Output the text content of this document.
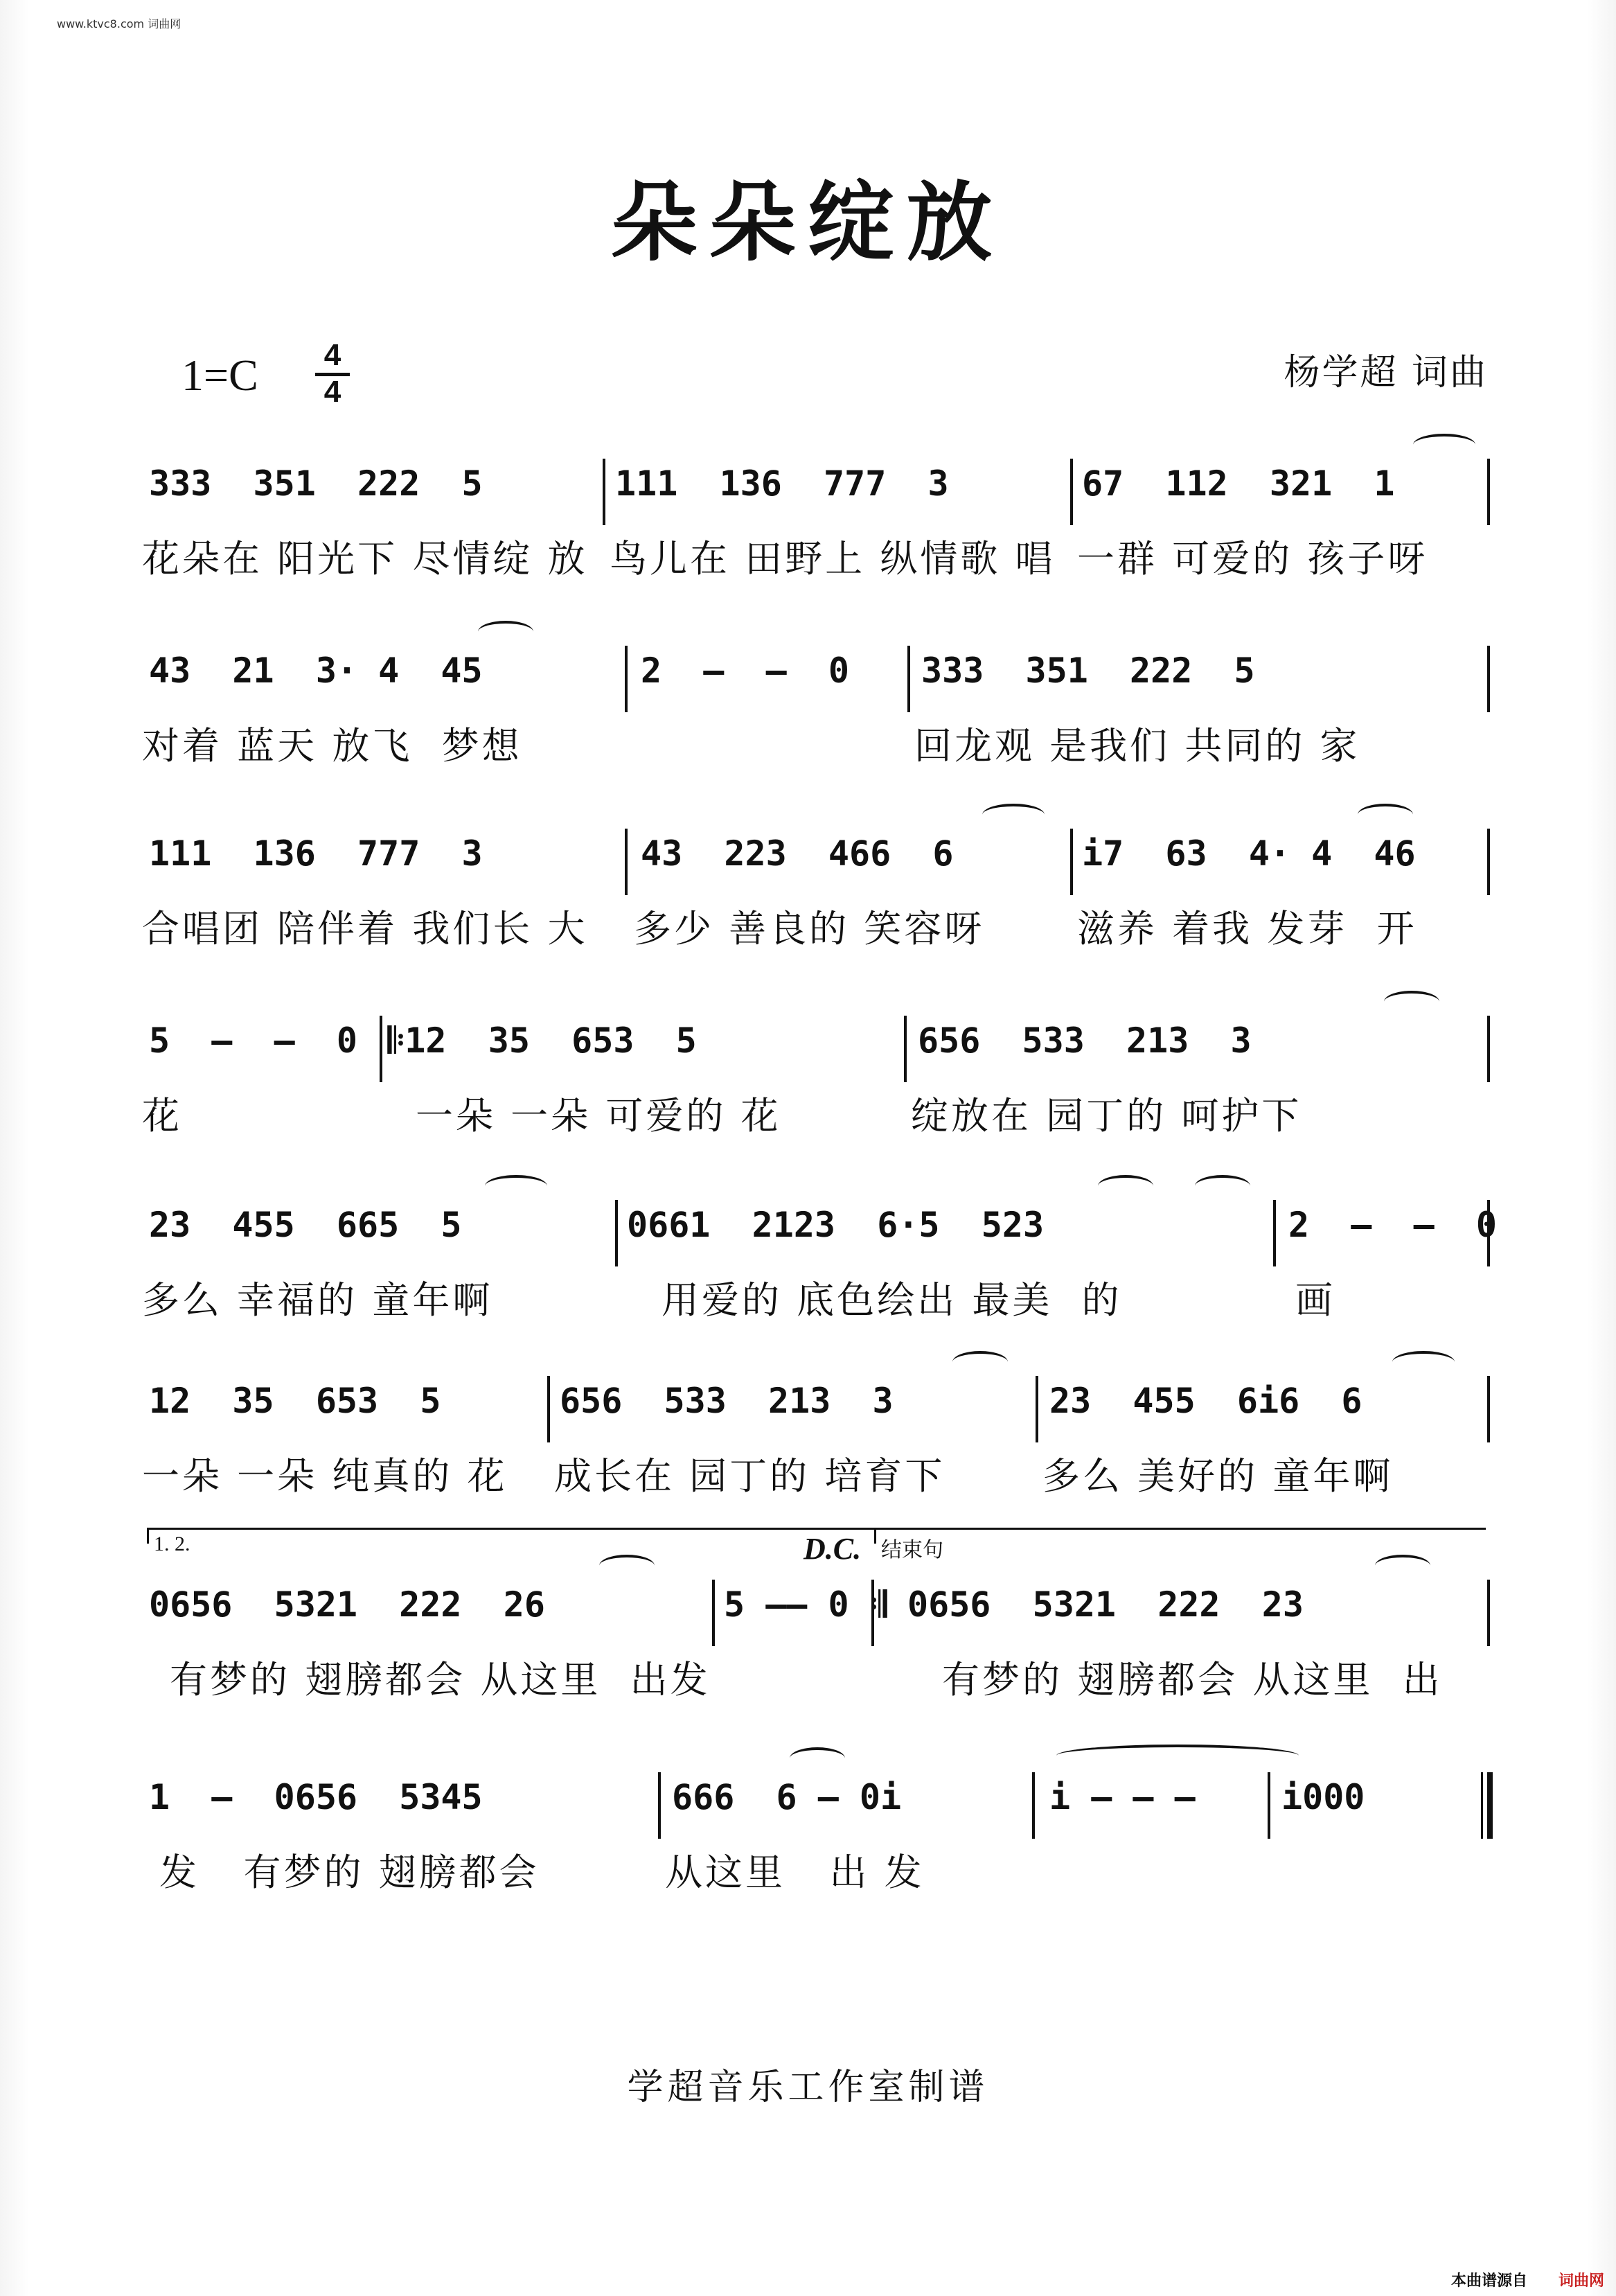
www.ktvc8.com 词曲网
朵朵绽放
1=C 4
4	杨学超 词曲
333  351  222  5	111  136  777  3	67  112  321  1
花朵在 阳光下 尽情绽 放 鸟儿在 田野上 纵情歌 唱 一群 可爱的 孩子呀
43  21  3· 4  45	2  –  –  0 333  351  222  5
对着 蓝天 放飞  梦想	回龙观 是我们 共同的 家
111  136  777  3	43  223  466  6	i7  63  4· 4  46
合唱团 陪伴着 我们长 大 多少 善良的 笑容呀 滋养 着我 发芽  开
5  –  –  0 𝄆12  35  653  5	656  533  213  3
花	一朵 一朵 可爱的 花	绽放在 园丁的 呵护下
23  455  665  5	0661  2123  6·5  523	2  –  –  0
多么 幸福的 童年啊	用爱的 底色绘出 最美  的	画
12  35  653  5	656  533  213  3	23  455  6i6  6
一朵 一朵 纯真的 花 成长在 园丁的 培育下	多么 美好的 童年啊
1. 2.	D.C. 结束句
0656  5321  222  26	5 –– 0 𝄇 0656  5321  222  23
有梦的 翅膀都会 从这里  出发	有梦的 翅膀都会 从这里  出
1  –  0656  5345	666  6 – 0i	i – – – i000
发   有梦的 翅膀都会	从这里   出 发
学超音乐工作室制谱
本曲谱源自 词曲网
